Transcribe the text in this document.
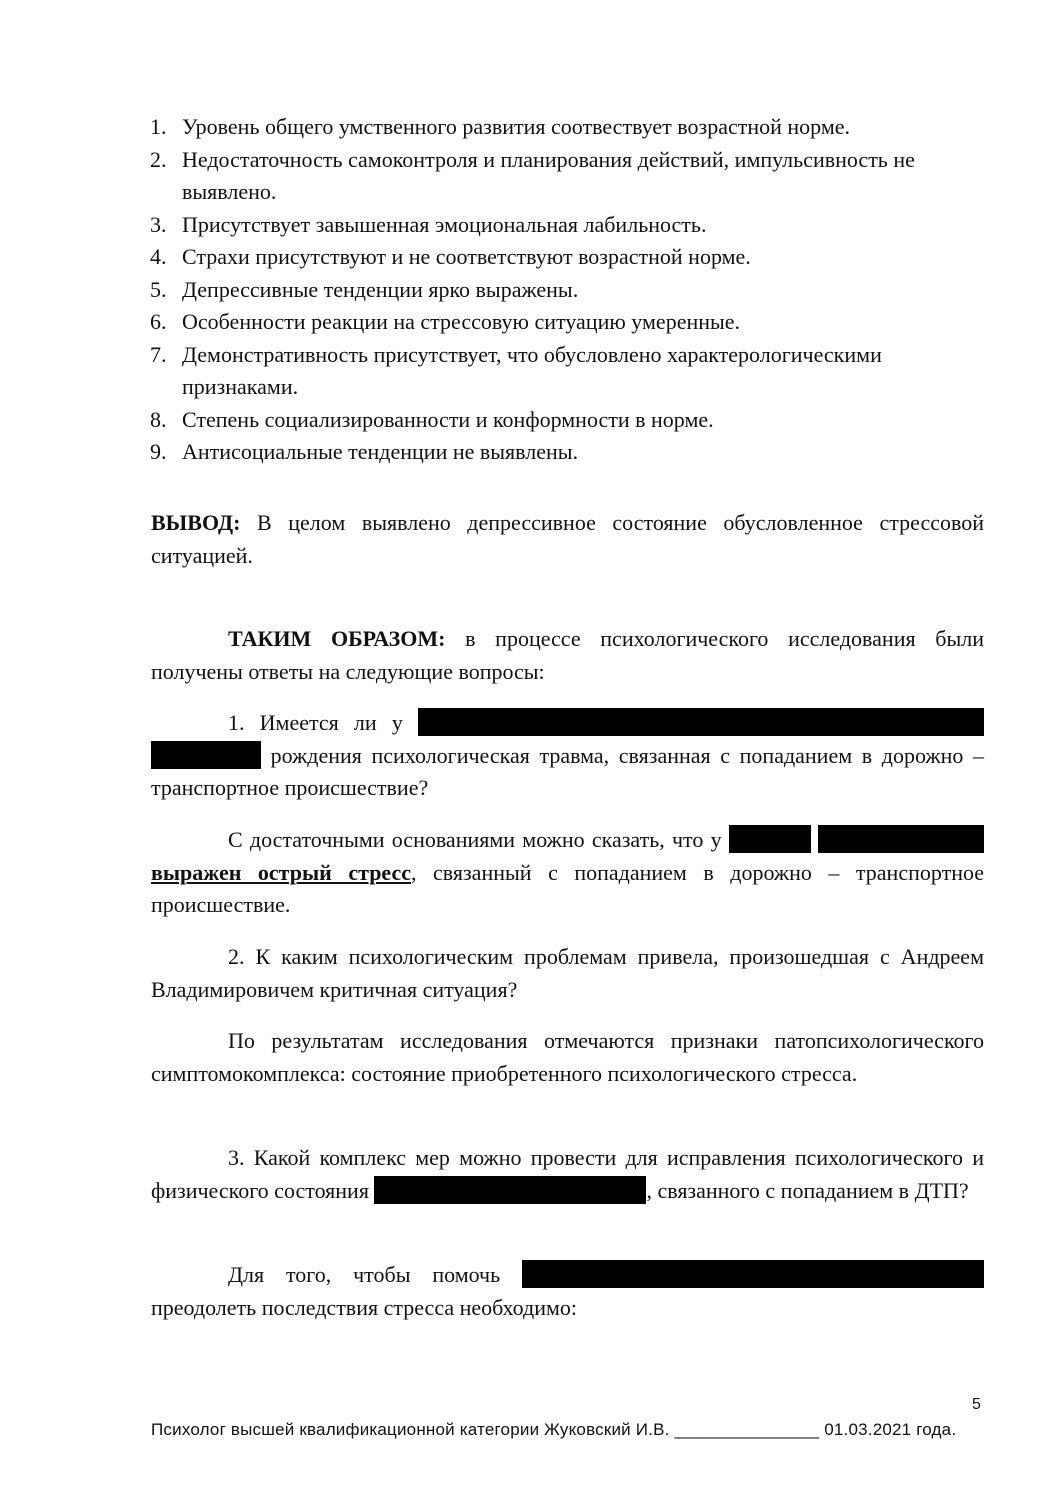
1. Уровень общего умственного развития соотвествует возрастной норме.
2. Недостаточность самоконтроля и планирования действий, импульсивность не выявлено.
3. Присутствует завышенная эмоциональная лабильность.
4. Страхи присутствуют и не соответствуют возрастной норме.
5. Депрессивные тенденции ярко выражены.
6. Особенности реакции на стрессовую ситуацию умеренные.
7. Демонстративность присутствует, что обусловлено характерологическими признаками.
8. Степень социализированности и конформности в норме.
9. Антисоциальные тенденции не выявлены.

ВЫВОД: В целом выявлено депрессивное состояние обусловленное стрессовой ситуацией.

ТАКИМ ОБРАЗОМ: в процессе психологического исследования были получены ответы на следующие вопросы:

1. Имеется ли у   рождения психологическая травма, связанная с попаданием в дорожно – транспортное происшествие?

С достаточными основаниями можно сказать, что у   выражен острый стресс, связанный с попаданием в дорожно – транспортное происшествие.

2. К каким психологическим проблемам привела, произошедшая с Андреем Владимировичем критичная ситуация?

По результатам исследования отмечаются признаки патопсихологического симптомокомплекса: состояние приобретенного психологического стресса.

3. Какой комплекс мер можно провести для исправления психологического и физического состояния	, связанного с попаданием в ДТП?

Для того, чтобы помочь  преодолеть последствия стресса необходимо:

5
Психолог высшей квалификационной категории Жуковский И.В. _______________ 01.03.2021 года.
